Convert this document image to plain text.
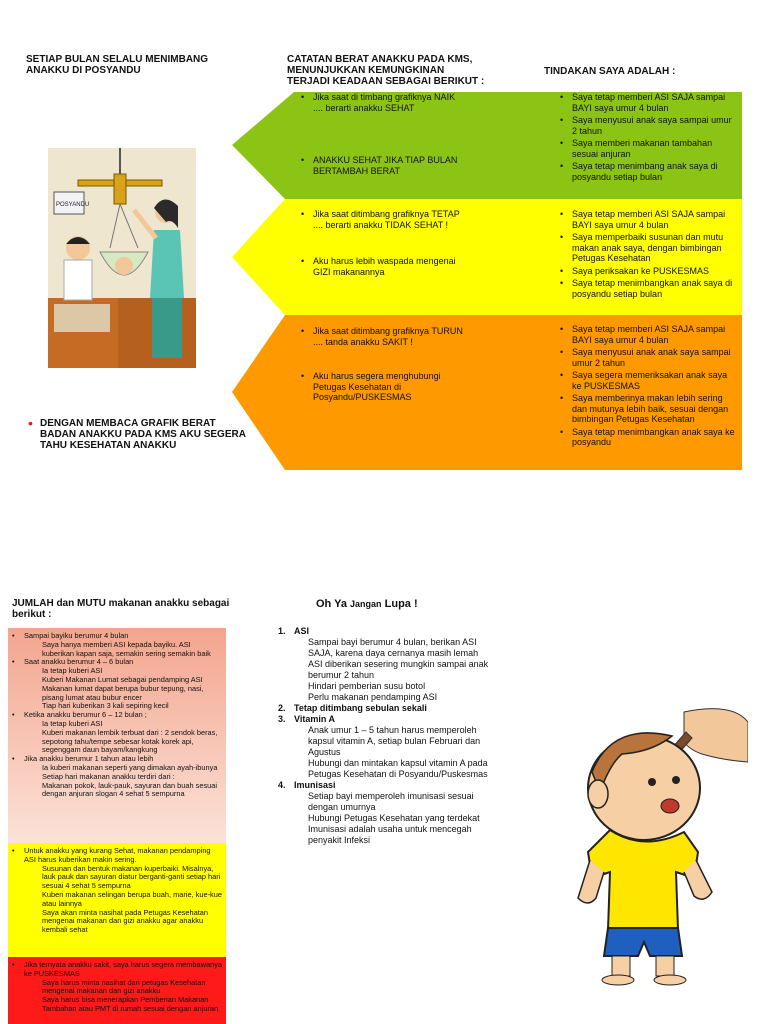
SETIAP BULAN SELALU MENIMBANG ANAKKU DI POSYANDU
CATATAN BERAT ANAKKU PADA KMS, MENUNJUKKAN KEMUNGKINAN TERJADI KEADAAN SEBAGAI BERIKUT :
TINDAKAN SAYA ADALAH :
POSYANDU
• Jika saat di timbang grafiknya NAIK .... berarti anakku SEHAT
• ANAKKU SEHAT JIKA TIAP BULAN BERTAMBAH BERAT
• Jika saat ditimbang grafiknya TETAP .... berarti anakku TIDAK SEHAT !
• Aku harus lebih waspada mengenai GIZI makanannya
• Jika saat ditimbang grafiknya TURUN .... tanda anakku SAKIT !
• Aku harus segera menghubungi Petugas Kesehatan di Posyandu/PUSKESMAS
• Saya tetap memberi ASI SAJA sampai BAYI saya umur 4 bulan
• Saya menyusui anak saya sampai umur 2 tahun
• Saya memberi makanan tambahan sesuai anjuran
• Saya tetap menimbang anak saya di posyandu setiap bulan
• Saya tetap memberi ASI SAJA sampai BAYI saya umur 4 bulan
• Saya memperbaiki susunan dan mutu makan anak saya, dengan bimbingan Petugas Kesehatan
• Saya periksakan ke PUSKESMAS
• Saya tetap menimbangkan anak saya di posyandu setiap bulan
• Saya tetap memberi ASI SAJA sampai BAYI saya umur 4 bulan
• Saya menyusui anak anak saya sampai umur 2 tahun
• Saya segera memeriksakan anak saya ke PUSKESMAS
• Saya memberinya makan lebih sering dan mutunya lebih baik, sesuai dengan bimbingan Petugas Kesehatan
• Saya tetap menimbangkan anak saya ke posyandu
• DENGAN MEMBACA GRAFIK BERAT BADAN ANAKKU PADA KMS AKU SEGERA TAHU KESEHATAN ANAKKU
JUMLAH dan MUTU makanan anakku sebagai berikut :

• Sampai bayiku berumur 4 bulan

Saya hanya memberi ASI kepada bayiku. ASI kuberikan kapan saja, semakin sering semakin baik

• Saat anakku berumur 4 – 6 bulan

Ia tetap kuberi ASI

Kuberi Makanan Lumat sebagai pendamping ASI

Makanan lumat dapat berupa bubur tepung, nasi, pisang lumat atau bubur encer

Tiap hari kuberikan 3 kali sepiring kecil

• Ketika anakku berumur 6 – 12 bulan ;

Ia tetap kuberi ASI

Kuberi makanan lembik terbuat dari : 2 sendok beras, sepotong tahu/tempe sebesar kotak korek api, segenggam daun bayam/kangkung

• Jika anakku berumur 1 tahun atau lebih

Ia kuberi makanan seperti yang dimakan ayah-ibunya

Setiap hari makanan anakku terdiri dari :

Makanan pokok, lauk-pauk, sayuran dan buah sesuai dengan anjuran slogan 4 sehat 5 sempurna

• Untuk anakku yang kurang Sehat, makanan pendamping ASI harus kuberikan makin sering.

Susunan dan bentuk makanan kuperbaiki. Misalnya, lauk pauk dan sayuran diatur berganti-ganti setiap hari sesuai 4 sehat 5 sempurna

Kuberi makanan selingan berupa buah, marie, kue-kue atau lainnya

Saya akan minta nasihat pada Petugas Kesehatan mengenai makanan dan gizi anakku agar anakku kembali sehat

• Jika ternyata anakku sakit, saya harus segera membawanya ke PUSKESMAS

Saya harus minta nasihat dari petugas Kesehatan mengenai makanan dan gizi anakku

Saya harus bisa menerapkan Pemberian Makanan Tambahan atau PMT di rumah sesuai dengan anjuran

Oh Ya Jangan Lupa !
1. ASI
Sampai bayi berumur 4 bulan, berikan ASI SAJA, karena daya cernanya masih lemah
ASI diberikan sesering mungkin sampai anak berumur 2 tahun
Hindari pemberian susu botol
Perlu makanan pendamping ASI
2. Tetap ditimbang sebulan sekali
3. Vitamin A
Anak umur 1 – 5 tahun harus memperoleh kapsul vitamin A, setiap bulan Februari dan Agustus
Hubungi dan mintakan kapsul vitamin A pada Petugas Kesehatan di Posyandu/Puskesmas
4. Imunisasi
Setiap bayi memperoleh imunisasi sesuai dengan umurnya
Hubungi Petugas Kesehatan yang terdekat
Imunisasi adalah usaha untuk mencegah penyakit Infeksi
